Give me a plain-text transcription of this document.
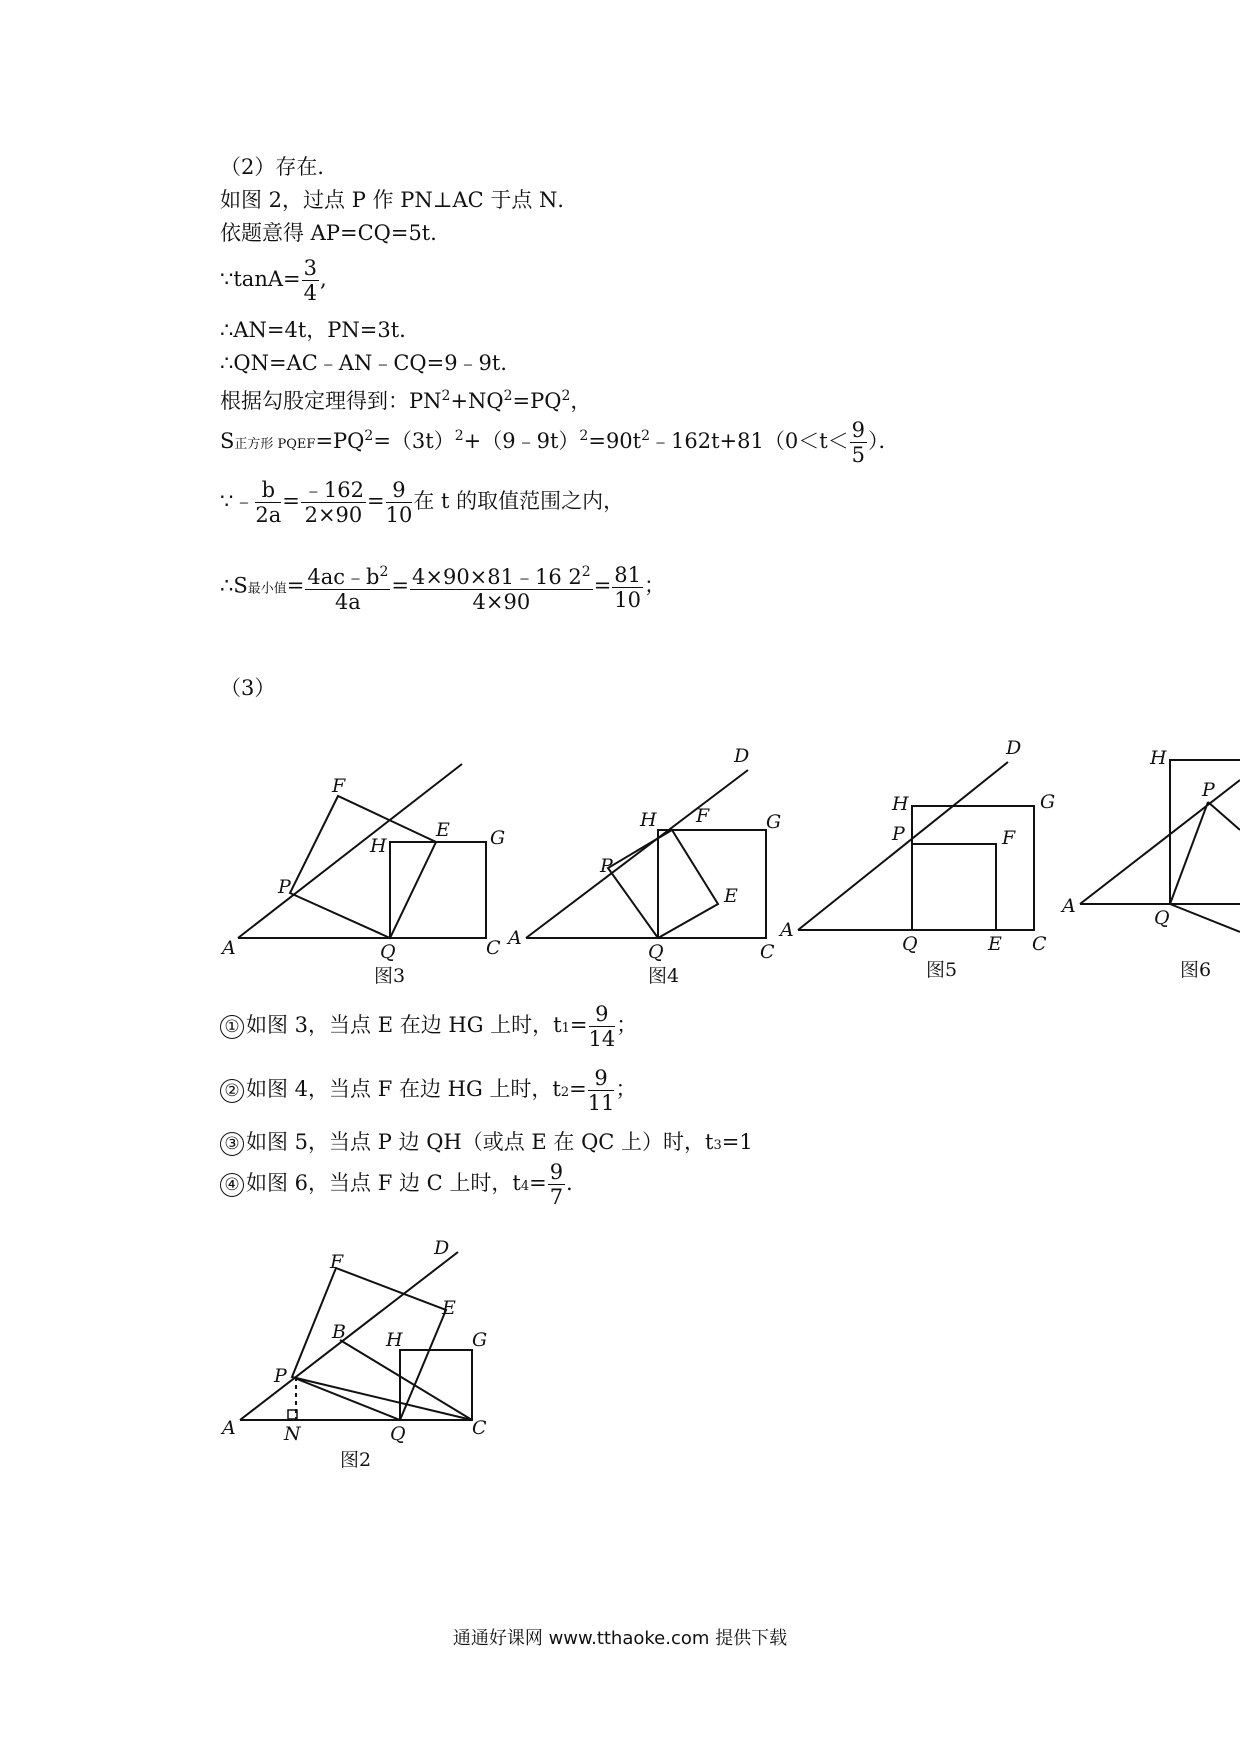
（2）存在．
如图 2，过点 P 作 PN⊥AC 于点 N．
依题意得 AP=CQ=5t．
∵tanA= $\frac{3}{4}$ ,
∴AN=4t，PN=3t．
∴QN=AC﹣AN﹣CQ=9﹣9t．
根据勾股定理得到：$PN^2+NQ^2=PQ^2$，
S正方形 $PQEF=PQ^2=(3t)^2+(9﹣9t)^2=90t^2﹣162t+81(0<t< \frac{9}{5}$ ）．
∵﹣ $\frac{b}{2a} = \frac{﹣162}{2\times 90} = \frac{9}{10}$ 在 t 的取值范围之内，
∴S最小值= $\frac{4ac﹣b^2}{4a} = \frac{4\times 90\times 81﹣16 2^2}{4\times 90} = \frac{81}{10}$ ；
（3）
A
P
F
H
E G
Q	C
图3
A
P
H F	G
E
D
Q	C
图4
A
P
H	G
F
D
Q	E C
图5
A
H
P
Q
图6
A
P
F
B H
E
G
D
N	Q	C
图2
① 如图 3，当点 E 在边 HG 上时，$t1= \frac{9}{14}$ ；
② 如图 4，当点 F 在边 HG 上时，$t2= \frac{9}{11}$ ；
③ 如图 5，当点 P 边 QH（或点 E 在 QC 上）时，t3=1
④ 如图 6，当点 F 边 C 上时，$t4= \frac{9}{7}$ ．
通通好课网 www.tthaoke.com 提供下载
